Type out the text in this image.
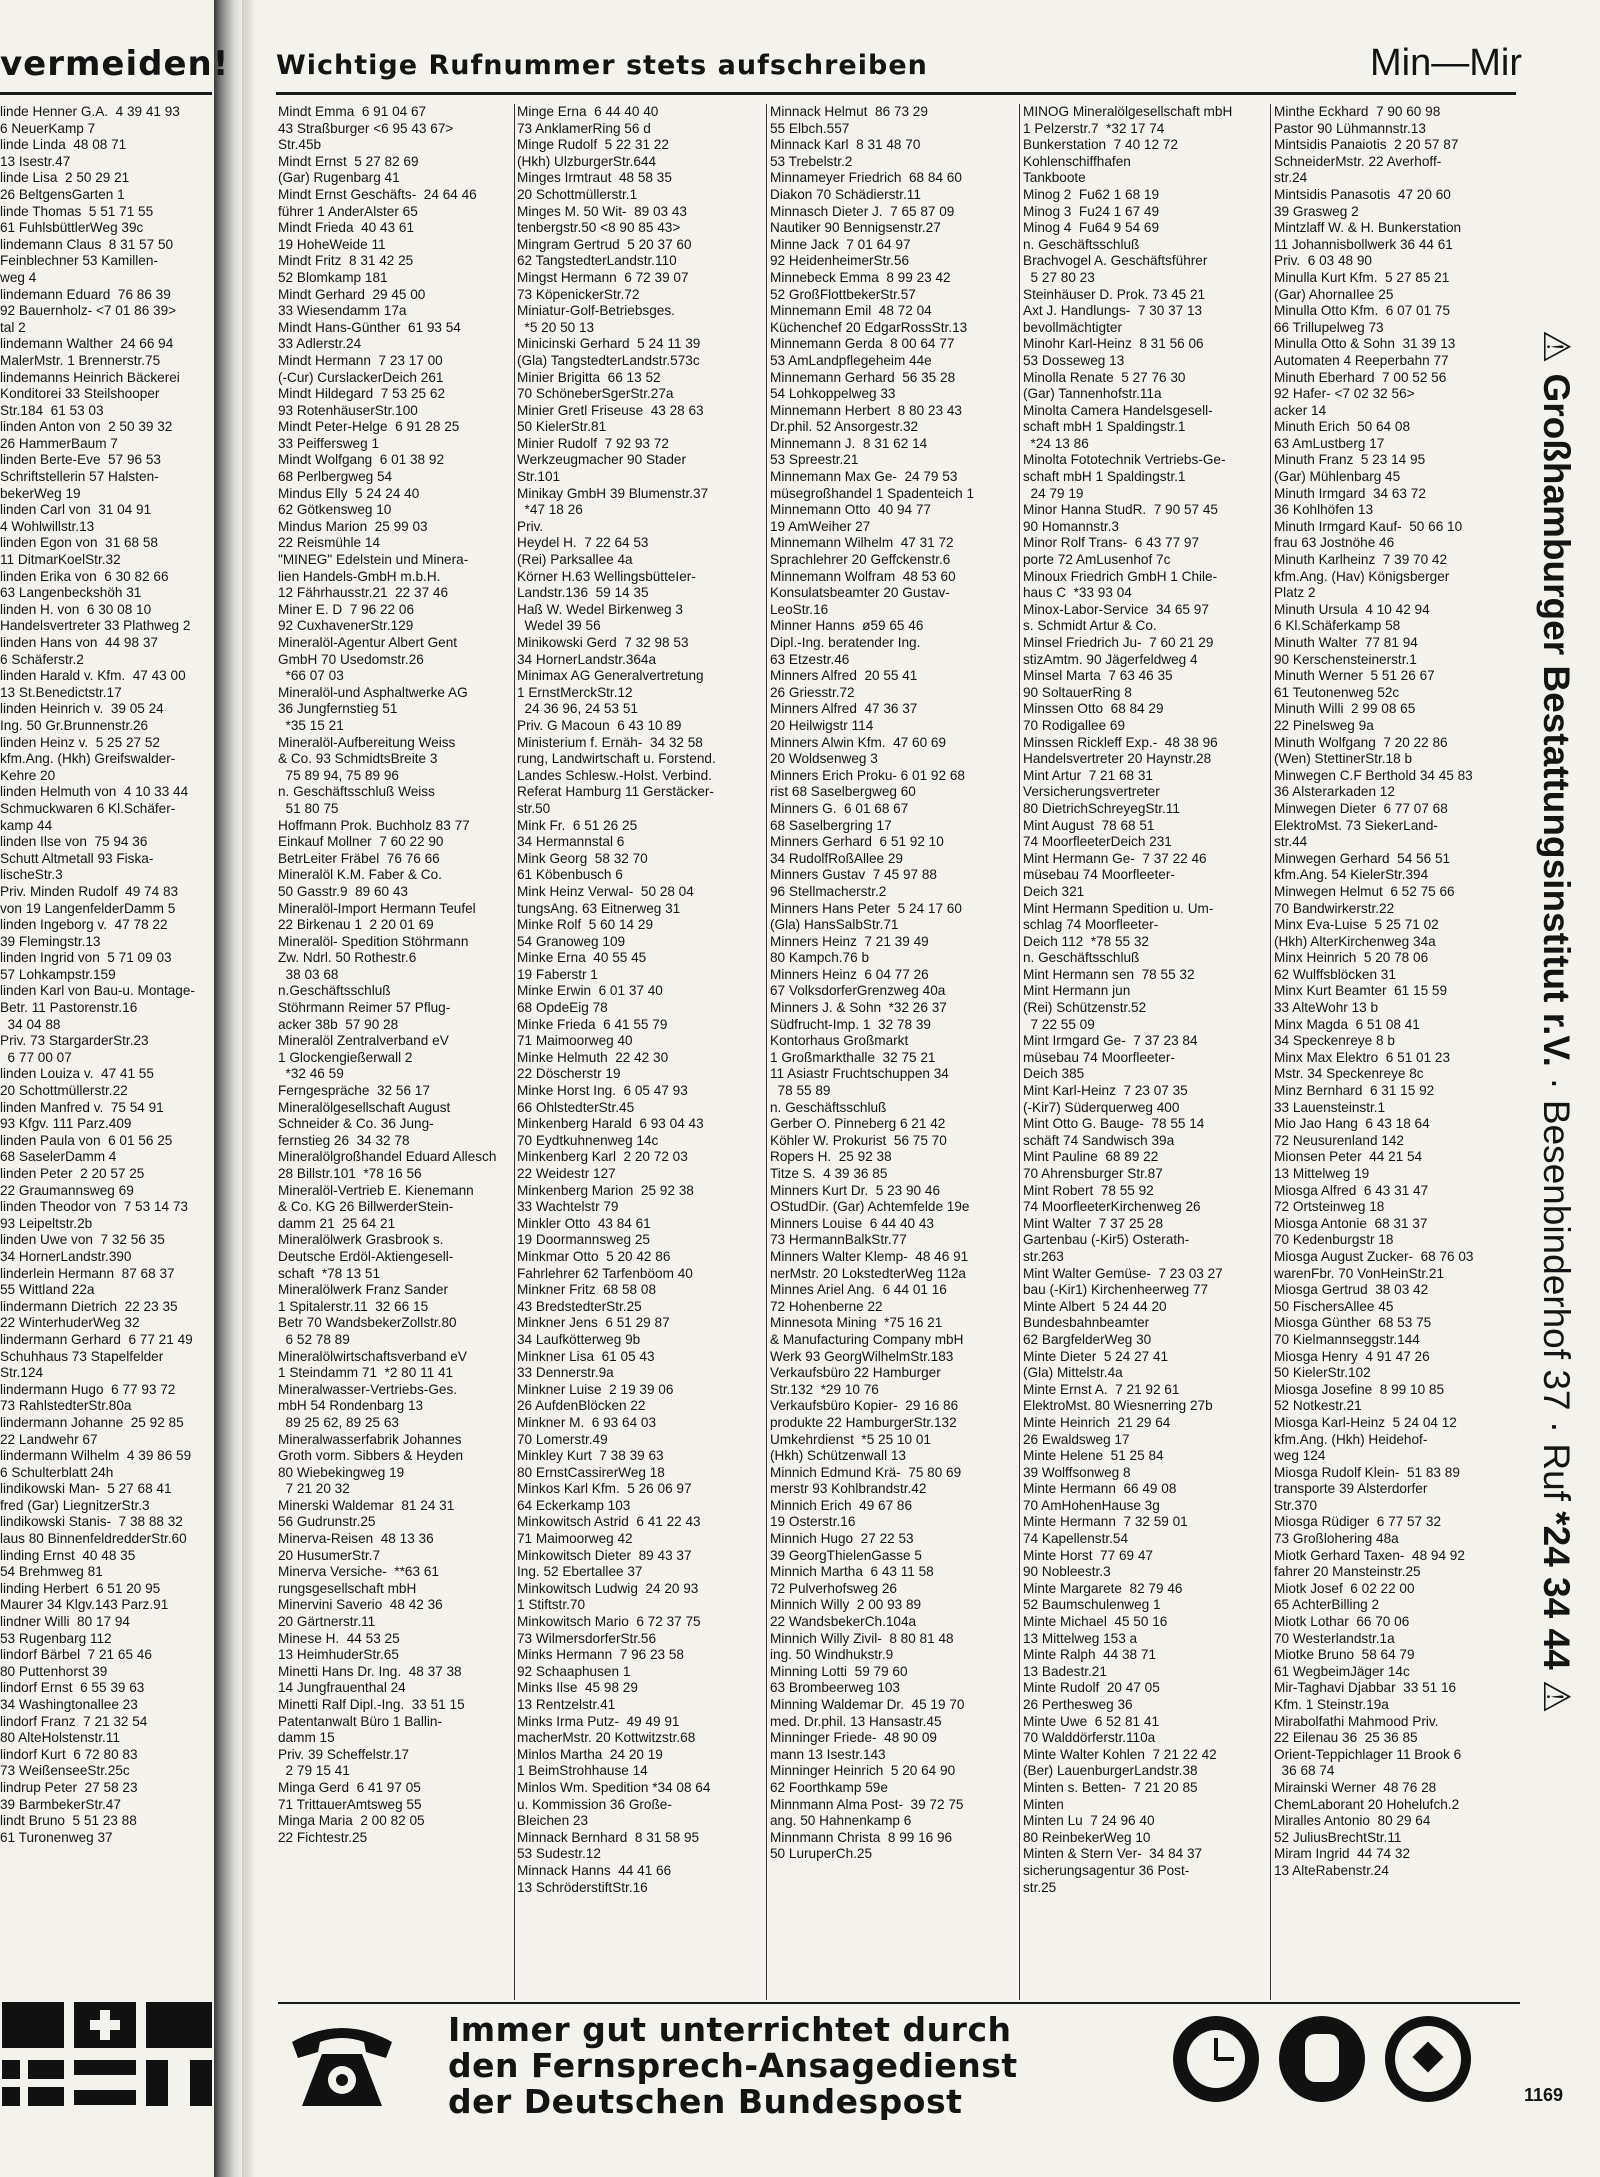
vermeiden! Wichtige Rufnummer stets aufschreiben	Min—Mir
linde Henner G.A.  4 39 41 93
6 NeuerKamp 7
linde Linda  48 08 71
13 Isestr.47
linde Lisa  2 50 29 21
26 BeltgensGarten 1
linde Thomas  5 51 71 55
61 FuhlsbüttlerWeg 39c
lindemann Claus  8 31 57 50
Feinblechner 53 Kamillen-
weg 4
lindemann Eduard  76 86 39
92 Bauernholz- <7 01 86 39>
tal 2
lindemann Walther  24 66 94
MalerMstr. 1 Brennerstr.75
lindemanns Heinrich Bäckerei
Konditorei 33 Steilshooper
Str.184  61 53 03
linden Anton von  2 50 39 32
26 HammerBaum 7
linden Berte-Eve  57 96 53
Schriftstellerin 57 Halsten-
bekerWeg 19
linden Carl von  31 04 91
4 Wohlwillstr.13
linden Egon von  31 68 58
11 DitmarKoelStr.32
linden Erika von  6 30 82 66
63 Langenbeckshöh 31
linden H. von  6 30 08 10
Handelsvertreter 33 Plathweg 2
linden Hans von  44 98 37
6 Schäferstr.2
linden Harald v. Kfm.  47 43 00
13 St.Benedictstr.17
linden Heinrich v.  39 05 24
Ing. 50 Gr.Brunnenstr.26
linden Heinz v.  5 25 27 52
kfm.Ang. (Hkh) Greifswalder-
Kehre 20
linden Helmuth von  4 10 33 44
Schmuckwaren 6 Kl.Schäfer-
kamp 44
linden Ilse von  75 94 36
Schutt Altmetall 93 Fiska-
lischeStr.3
Priv. Minden Rudolf  49 74 83
von 19 LangenfelderDamm 5
linden Ingeborg v.  47 78 22
39 Flemingstr.13
linden Ingrid von  5 71 09 03
57 Lohkampstr.159
linden Karl von Bau-u. Montage-
Betr. 11 Pastorenstr.16
34 04 88
Priv. 73 StargarderStr.23
6 77 00 07
linden Louiza v.  47 41 55
20 Schottmüllerstr.22
linden Manfred v.  75 54 91
93 Kfgv. 111 Parz.409
linden Paula von  6 01 56 25
68 SaselerDamm 4
linden Peter  2 20 57 25
22 Graumannsweg 69
linden Theodor von  7 53 14 73
93 Leipeltstr.2b
linden Uwe von  7 32 56 35
34 HornerLandstr.390
linderlein Hermann  87 68 37
55 Wittland 22a
lindermann Dietrich  22 23 35
22 WinterhuderWeg 32
lindermann Gerhard  6 77 21 49
Schuhhaus 73 Stapelfelder
Str.124
lindermann Hugo  6 77 93 72
73 RahlstedterStr.80a
lindermann Johanne  25 92 85
22 Landwehr 67
lindermann Wilhelm  4 39 86 59
6 Schulterblatt 24h
lindikowski Man-  5 27 68 41
fred (Gar) LiegnitzerStr.3
lindikowski Stanis-  7 38 88 32
laus 80 BinnenfeldredderStr.60
linding Ernst  40 48 35
54 Brehmweg 81
linding Herbert  6 51 20 95
Maurer 34 Klgv.143 Parz.91
lindner Willi  80 17 94
53 Rugenbarg 112
lindorf Bärbel  7 21 65 46
80 Puttenhorst 39
lindorf Ernst  6 55 39 63
34 Washingtonallee 23
lindorf Franz  7 21 32 54
80 AlteHolstenstr.11
lindorf Kurt  6 72 80 83
73 WeißenseeStr.25c
lindrup Peter  27 58 23
39 BarmbekerStr.47
lindt Bruno  5 51 23 88
61 Turonenweg 37
Mindt Emma  6 91 04 67
43 Straßburger <6 95 43 67>
Str.45b
Mindt Ernst  5 27 82 69
(Gar) Rugenbarg 41
Mindt Ernst Geschäfts-  24 64 46
führer 1 AnderAlster 65
Mindt Frieda  40 43 61
19 HoheWeide 11
Mindt Fritz  8 31 42 25
52 Blomkamp 181
Mindt Gerhard  29 45 00
33 Wiesendamm 17a
Mindt Hans-Günther  61 93 54
33 Adlerstr.24
Mindt Hermann  7 23 17 00
(-Cur) CurslackerDeich 261
Mindt Hildegard  7 53 25 62
93 RotenhäuserStr.100
Mindt Peter-Helge  6 91 28 25
33 Peiffersweg 1
Mindt Wolfgang  6 01 38 92
68 Perlbergweg 54
Mindus Elly  5 24 24 40
62 Götkensweg 10
Mindus Marion  25 99 03
22 Reismühle 14
"MINEG" Edelstein und Minera-
lien Handels-GmbH m.b.H.
12 Fährhausstr.21  22 37 46
Miner E. D  7 96 22 06
92 CuxhavenerStr.129
Mineralöl-Agentur Albert Gent
GmbH 70 Usedomstr.26
*66 07 03
Mineralöl-und Asphaltwerke AG
36 Jungfernstieg 51
*35 15 21
Mineralöl-Aufbereitung Weiss
& Co. 93 SchmidtsBreite 3
75 89 94, 75 89 96
n. Geschäftsschluß Weiss
51 80 75
Hoffmann Prok. Buchholz 83 77
Einkauf Mollner  7 60 22 90
BetrLeiter Fräbel  76 76 66
Mineralöl K.M. Faber & Co.
50 Gasstr.9  89 60 43
Mineralöl-Import Hermann Teufel
22 Birkenau 1  2 20 01 69
Mineralöl- Spedition Stöhrmann
Zw. Ndrl. 50 Rothestr.6
38 03 68
n.Geschäftsschluß
Stöhrmann Reimer 57 Pflug-
acker 38b  57 90 28
Mineralöl Zentralverband eV
1 Glockengießerwall 2
*32 46 59
Ferngespräche  32 56 17
Mineralölgesellschaft August
Schneider & Co. 36 Jung-
fernstieg 26  34 32 78
Mineralölgroßhandel Eduard Allesch
28 Billstr.101  *78 16 56
Mineralöl-Vertrieb E. Kienemann
& Co. KG 26 BillwerderStein-
damm 21  25 64 21
Mineralölwerk Grasbrook s.
Deutsche Erdöl-Aktiengesell-
schaft  *78 13 51
Mineralölwerk Franz Sander
1 Spitalerstr.11  32 66 15
Betr 70 WandsbekerZollstr.80
6 52 78 89
Mineralölwirtschaftsverband eV
1 Steindamm 71  *2 80 11 41
Mineralwasser-Vertriebs-Ges.
mbH 54 Rondenbarg 13
89 25 62, 89 25 63
Mineralwasserfabrik Johannes
Groth vorm. Sibbers & Heyden
80 Wiebekingweg 19
7 21 20 32
Minerski Waldemar  81 24 31
56 Gudrunstr.25
Minerva-Reisen  48 13 36
20 HusumerStr.7
Minerva Versiche-  **63 61
rungsgesellschaft mbH
Minervini Saverio  48 42 36
20 Gärtnerstr.11
Minese H.  44 53 25
13 HeimhuderStr.65
Minetti Hans Dr. Ing.  48 37 38
14 Jungfrauenthal 24
Minetti Ralf Dipl.-Ing.  33 51 15
Patentanwalt Büro 1 Ballin-
damm 15
Priv. 39 Scheffelstr.17
2 79 15 41
Minga Gerd  6 41 97 05
71 TrittauerAmtsweg 55
Minga Maria  2 00 82 05
22 Fichtestr.25
Minge Erna  6 44 40 40
73 AnklamerRing 56 d
Minge Rudolf  5 22 31 22
(Hkh) UlzburgerStr.644
Minges Irmtraut  48 58 35
20 Schottmüllerstr.1
Minges M. 50 Wit-  89 03 43
tenbergstr.50 <8 90 85 43>
Mingram Gertrud  5 20 37 60
62 TangstedterLandstr.110
Mingst Hermann  6 72 39 07
73 KöpenickerStr.72
Miniatur-Golf-Betriebsges.
*5 20 50 13
Minicinski Gerhard  5 24 11 39
(Gla) TangstedterLandstr.573c
Minier Brigitta  66 13 52
70 SchöneberSgerStr.27a
Minier Gretl Friseuse  43 28 63
50 KielerStr.81
Minier Rudolf  7 92 93 72
Werkzeugmacher 90 Stader
Str.101
Minikay GmbH 39 Blumenstr.37
*47 18 26
Priv.
Heydel H.  7 22 64 53
(Rei) Parksallee 4a
Körner H.63 WellingsbütteIer-
Landstr.136  59 14 35
Haß W. Wedel Birkenweg 3
Wedel 39 56
Minikowski Gerd  7 32 98 53
34 HornerLandstr.364a
Minimax AG Generalvertretung
1 ErnstMerckStr.12
24 36 96, 24 53 51
Priv. G Macoun  6 43 10 89
Ministerium f. Ernäh-  34 32 58
rung, Landwirtschaft u. Forstend.
Landes Schlesw.-Holst. Verbind.
Referat Hamburg 11 Gerstäcker-
str.50
Mink Fr.  6 51 26 25
34 Hermannstal 6
Mink Georg  58 32 70
61 Köbenbusch 6
Mink Heinz Verwal-  50 28 04
tungsAng. 63 Eitnerweg 31
Minke Rolf  5 60 14 29
54 Granoweg 109
Minke Erna  40 55 45
19 Faberstr 1
Minke Erwin  6 01 37 40
68 OpdeEig 78
Minke Frieda  6 41 55 79
71 Maimoorweg 40
Minke Helmuth  22 42 30
22 Döscherstr 19
Minke Horst Ing.  6 05 47 93
66 OhlstedterStr.45
Minkenberg Harald  6 93 04 43
70 Eydtkuhnenweg 14c
Minkenberg Karl  2 20 72 03
22 Weidestr 127
Minkenberg Marion  25 92 38
33 Wachtelstr 79
Minkler Otto  43 84 61
19 Doormannsweg 25
Minkmar Otto  5 20 42 86
Fahrlehrer 62 Tarfenböom 40
Minkner Fritz  68 58 08
43 BredstedterStr.25
Minkner Jens  6 51 29 87
34 Laufkötterweg 9b
Minkner Lisa  61 05 43
33 Dennerstr.9a
Minkner Luise  2 19 39 06
26 AufdenBlöcken 22
Minkner M.  6 93 64 03
70 Lomerstr.49
Minkley Kurt  7 38 39 63
80 ErnstCassirerWeg 18
Minkos Karl Kfm.  5 26 06 97
64 Eckerkamp 103
Minkowitsch Astrid  6 41 22 43
71 Maimoorweg 42
Minkowitsch Dieter  89 43 37
Ing. 52 Ebertallee 37
Minkowitsch Ludwig  24 20 93
1 Stiftstr.70
Minkowitsch Mario  6 72 37 75
73 WilmersdorferStr.56
Minks Hermann  7 96 23 58
92 Schaaphusen 1
Minks Ilse  45 98 29
13 Rentzelstr.41
Minks Irma Putz-  49 49 91
macherMstr. 20 Kottwitzstr.68
Minlos Martha  24 20 19
1 BeimStrohhause 14
Minlos Wm. Spedition *34 08 64
u. Kommission 36 Große-
Bleichen 23
Minnack Bernhard  8 31 58 95
53 Sudestr.12
Minnack Hanns  44 41 66
13 SchröderstiftStr.16
Minnack Helmut  86 73 29
55 Elbch.557
Minnack Karl  8 31 48 70
53 Trebelstr.2
Minnameyer Friedrich  68 84 60
Diakon 70 Schädierstr.11
Minnasch Dieter J.  7 65 87 09
Nautiker 90 Bennigsenstr.27
Minne Jack  7 01 64 97
92 HeidenheimerStr.56
Minnebeck Emma  8 99 23 42
52 GroßFlottbekerStr.57
Minnemann Emil  48 72 04
Küchenchef 20 EdgarRossStr.13
Minnemann Gerda  8 00 64 77
53 AmLandpflegeheim 44e
Minnemann Gerhard  56 35 28
54 Lohkoppelweg 33
Minnemann Herbert  8 80 23 43
Dr.phil. 52 Ansorgestr.32
Minnemann J.  8 31 62 14
53 Spreestr.21
Minnemann Max Ge-  24 79 53
müsegroßhandel 1 Spadenteich 1
Minnemann Otto  40 94 77
19 AmWeiher 27
Minnemann Wilhelm  47 31 72
Sprachlehrer 20 Geffckenstr.6
Minnemann Wolfram  48 53 60
Konsulatsbeamter 20 Gustav-
LeoStr.16
Minner Hanns  ø59 65 46
Dipl.-Ing. beratender Ing.
63 Etzestr.46
Minners Alfred  20 55 41
26 Griesstr.72
Minners Alfred  47 36 37
20 Heilwigstr 114
Minners Alwin Kfm.  47 60 69
20 Woldsenweg 3
Minners Erich Proku- 6 01 92 68
rist 68 Saselbergweg 60
Minners G.  6 01 68 67
68 Saselbergring 17
Minners Gerhard  6 51 92 10
34 RudolfRoßAllee 29
Minners Gustav  7 45 97 88
96 Stellmacherstr.2
Minners Hans Peter  5 24 17 60
(Gla) HansSalbStr.71
Minners Heinz  7 21 39 49
80 Kampch.76 b
Minners Heinz  6 04 77 26
67 VolksdorferGrenzweg 40a
Minners J. & Sohn  *32 26 37
Südfrucht-Imp. 1  32 78 39
Kontorhaus Großmarkt
1 Großmarkthalle  32 75 21
11 Asiastr Fruchtschuppen 34
78 55 89
n. Geschäftsschluß
Gerber O. Pinneberg 6 21 42
Köhler W. Prokurist  56 75 70
Ropers H.  25 92 38
Titze S.  4 39 36 85
Minners Kurt Dr.  5 23 90 46
OStudDir. (Gar) Achtemfelde 19e
Minners Louise  6 44 40 43
73 HermannBalkStr.77
Minners Walter Klemp-  48 46 91
nerMstr. 20 LokstedterWeg 112a
Minnes Ariel Ang.  6 44 01 16
72 Hohenberne 22
Minnesota Mining  *75 16 21
& Manufacturing Company mbH
Werk 93 GeorgWilhelmStr.183
Verkaufsbüro 22 Hamburger
Str.132  *29 10 76
Verkaufsbüro Kopier-  29 16 86
produkte 22 HamburgerStr.132
Umkehrdienst  *5 25 10 01
(Hkh) Schützenwall 13
Minnich Edmund Krä-  75 80 69
merstr 93 Kohlbrandstr.42
Minnich Erich  49 67 86
19 Osterstr.16
Minnich Hugo  27 22 53
39 GeorgThielenGasse 5
Minnich Martha  6 43 11 58
72 Pulverhofsweg 26
Minnich Willy  2 00 93 89
22 WandsbekerCh.104a
Minnich Willy Zivil-  8 80 81 48
ing. 50 Windhukstr.9
Minning Lotti  59 79 60
63 Brombeerweg 103
Minning Waldemar Dr.  45 19 70
med. Dr.phil. 13 Hansastr.45
Minninger Friede-  48 90 09
mann 13 Isestr.143
Minninger Heinrich  5 20 64 90
62 Foorthkamp 59e
Minnmann Alma Post-  39 72 75
ang. 50 Hahnenkamp 6
Minnmann Christa  8 99 16 96
50 LuruperCh.25
MINOG Mineralölgesellschaft mbH
1 Pelzerstr.7  *32 17 74
Bunkerstation  7 40 12 72
Kohlenschiffhafen
Tankboote
Minog 2  Fu62 1 68 19
Minog 3  Fu24 1 67 49
Minog 4  Fu64 9 54 69
n. Geschäftsschluß
Brachvogel A. Geschäftsführer
5 27 80 23
Steinhäuser D. Prok. 73 45 21
Axt J. Handlungs-  7 30 37 13
bevollmächtigter
Minohr Karl-Heinz  8 31 56 06
53 Dosseweg 13
Minolla Renate  5 27 76 30
(Gar) Tannenhofstr.11a
Minolta Camera Handelsgesell-
schaft mbH 1 Spaldingstr.1
*24 13 86
Minolta Fototechnik Vertriebs-Ge-
schaft mbH 1 Spaldingstr.1
24 79 19
Minor Hanna StudR.  7 90 57 45
90 Homannstr.3
Minor Rolf Trans-  6 43 77 97
porte 72 AmLusenhof 7c
Minoux Friedrich GmbH 1 Chile-
haus C  *33 93 04
Minox-Labor-Service  34 65 97
s. Schmidt Artur & Co.
Minsel Friedrich Ju-  7 60 21 29
stizAmtm. 90 Jägerfeldweg 4
Minsel Marta  7 63 46 35
90 SoltauerRing 8
Minssen Otto  68 84 29
70 Rodigallee 69
Minssen Rickleff Exp.-  48 38 96
Handelsvertreter 20 Haynstr.28
Mint Artur  7 21 68 31
Versicherungsvertreter
80 DietrichSchreyegStr.11
Mint August  78 68 51
74 MoorfleeterDeich 231
Mint Hermann Ge-  7 37 22 46
müsebau 74 Moorfleeter-
Deich 321
Mint Hermann Spedition u. Um-
schlag 74 Moorfleeter-
Deich 112  *78 55 32
n. Geschäftsschluß
Mint Hermann sen  78 55 32
Mint Hermann jun
(Rei) Schützenstr.52
7 22 55 09
Mint Irmgard Ge-  7 37 23 84
müsebau 74 Moorfleeter-
Deich 385
Mint Karl-Heinz  7 23 07 35
(-Kir7) Süderquerweg 400
Mint Otto G. Bauge-  78 55 14
schäft 74 Sandwisch 39a
Mint Pauline  68 89 22
70 Ahrensburger Str.87
Mint Robert  78 55 92
74 MoorfleeterKirchenweg 26
Mint Walter  7 37 25 28
Gartenbau (-Kir5) Osterath-
str.263
Mint Walter Gemüse-  7 23 03 27
bau (-Kir1) Kirchenheerweg 77
Minte Albert  5 24 44 20
Bundesbahnbeamter
62 BargfelderWeg 30
Minte Dieter  5 24 27 41
(Gla) Mittelstr.4a
Minte Ernst A.  7 21 92 61
ElektroMst. 80 Wiesnerring 27b
Minte Heinrich  21 29 64
26 Ewaldsweg 17
Minte Helene  51 25 84
39 Wolffsonweg 8
Minte Hermann  66 49 08
70 AmHohenHause 3g
Minte Hermann  7 32 59 01
74 Kapellenstr.54
Minte Horst  77 69 47
90 Nobleestr.3
Minte Margarete  82 79 46
52 Baumschulenweg 1
Minte Michael  45 50 16
13 Mittelweg 153 a
Minte Ralph  44 38 71
13 Badestr.21
Minte Rudolf  20 47 05
26 Perthesweg 36
Minte Uwe  6 52 81 41
70 Walddörferstr.110a
Minte Walter Kohlen  7 21 22 42
(Ber) LauenburgerLandstr.38
Minten s. Betten-  7 21 20 85
Minten
Minten Lu  7 24 96 40
80 ReinbekerWeg 10
Minten & Stern Ver-  34 84 37
sicherungsagentur 36 Post-
str.25
Minthe Eckhard  7 90 60 98
Pastor 90 Lühmannstr.13
Mintsidis Panaiotis  2 20 57 87
SchneiderMstr. 22 Averhoff-
str.24
Mintsidis Panasotis  47 20 60
39 Grasweg 2
Mintzlaff W. & H. Bunkerstation
11 Johannisbollwerk 36 44 61
Priv.  6 03 48 90
Minulla Kurt Kfm.  5 27 85 21
(Gar) AhornaIlee 25
Minulla Otto Kfm.  6 07 01 75
66 Trillupelweg 73
Minulla Otto & Sohn  31 39 13
Automaten 4 Reeperbahn 77
Minuth Eberhard  7 00 52 56
92 Hafer- <7 02 32 56>
acker 14
Minuth Erich  50 64 08
63 AmLustberg 17
Minuth Franz  5 23 14 95
(Gar) Mühlenbarg 45
Minuth Irmgard  34 63 72
36 Kohlhöfen 13
Minuth Irmgard Kauf-  50 66 10
frau 63 Jostnöhe 46
Minuth Karlheinz  7 39 70 42
kfm.Ang. (Hav) Königsberger
Platz 2
Minuth Ursula  4 10 42 94
6 Kl.Schäferkamp 58
Minuth Walter  77 81 94
90 Kerschensteinerstr.1
Minuth Werner  5 51 26 67
61 Teutonenweg 52c
Minuth Willi  2 99 08 65
22 Pinelsweg 9a
Minuth Wolfgang  7 20 22 86
(Wen) StettinerStr.18 b
Minwegen C.F Berthold 34 45 83
36 Alsterarkaden 12
Minwegen Dieter  6 77 07 68
ElektroMst. 73 SiekerLand-
str.44
Minwegen Gerhard  54 56 51
kfm.Ang. 54 KielerStr.394
Minwegen Helmut  6 52 75 66
70 Bandwirkerstr.22
Minx Eva-Luise  5 25 71 02
(Hkh) AlterKirchenweg 34a
Minx Heinrich  5 20 78 06
62 Wulffsblöcken 31
Minx Kurt Beamter  61 15 59
33 AlteWohr 13 b
Minx Magda  6 51 08 41
34 Speckenreye 8 b
Minx Max Elektro  6 51 01 23
Mstr. 34 Speckenreye 8c
Minz Bernhard  6 31 15 92
33 Lauensteinstr.1
Mio Jao Hang  6 43 18 64
72 Neusurenland 142
Mionsen Peter  44 21 54
13 Mittelweg 19
Miosga Alfred  6 43 31 47
72 Ortsteinweg 18
Miosga Antonie  68 31 37
70 Kedenburgstr 18
Miosga August Zucker-  68 76 03
warenFbr. 70 VonHeinStr.21
Miosga Gertrud  38 03 42
50 FischersAllee 45
Miosga Günther  68 53 75
70 Kielmannseggstr.144
Miosga Henry  4 91 47 26
50 KielerStr.102
Miosga Josefine  8 99 10 85
52 Notkestr.21
Miosga Karl-Heinz  5 24 04 12
kfm.Ang. (Hkh) Heidehof-
weg 124
Miosga Rudolf Klein-  51 83 89
transporte 39 Alsterdorfer
Str.370
Miosga Rüdiger  6 77 57 32
73 Großlohering 48a
Miotk Gerhard Taxen-  48 94 92
fahrer 20 Mansteinstr.25
Miotk Josef  6 02 22 00
65 AchterBilling 2
Miotk Lothar  66 70 06
70 Westerlandstr.1a
Miotke Bruno  58 64 79
61 WegbeimJäger 14c
Mir-Taghavi Djabbar  33 51 16
Kfm. 1 Steinstr.19a
Mirabolfathi Mahmood Priv.
22 Eilenau 36  25 36 85
Orient-Teppichlager 11 Brook 6
36 68 74
Mirainski Werner  48 76 28
ChemLaborant 20 Hohelufch.2
Miralles Antonio  80 29 64
52 JuliusBrechtStr.11
Miram Ingrid  44 74 32
13 AlteRabenstr.24
⚠ Großhamburger Bestattungsinstitut r.V. · Besenbinderhof 37 · Ruf *24 34 44 ⚠
Immer gut unterrichtet durch
den Fernsprech-Ansagedienst
der Deutschen Bundespost	1169
